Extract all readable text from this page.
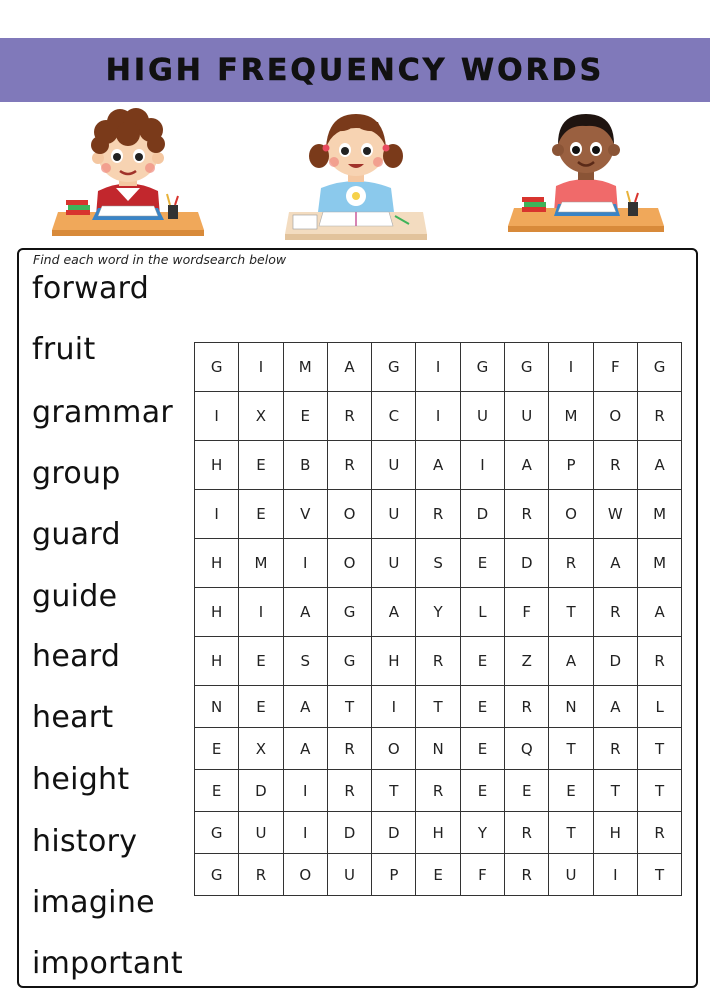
HIGH FREQUENCY WORDS
Find each word in the wordsearch below
forward
fruit
grammar
group
guard
guide
heard
heart
height
history
imagine
important
G	I	M	A	G	I	G	G	I	F	G
I	X	E	R	C	I	U	U	M	O	R
H	E	B	R	U	A	I	A	P	R	A
I	E	V	O	U	R	D	R	O	W	M
H	M	I	O	U	S	E	D	R	A	M
H	I	A	G	A	Y	L	F	T	R	A
H	E	S	G	H	R	E	Z	A	D	R
N	E	A	T	I	T	E	R	N	A	L
E	X	A	R	O	N	E	Q	T	R	T
E	D	I	R	T	R	E	E	E	T	T
G	U	I	D	D	H	Y	R	T	H	R
G	R	O	U	P	E	F	R	U	I	T
